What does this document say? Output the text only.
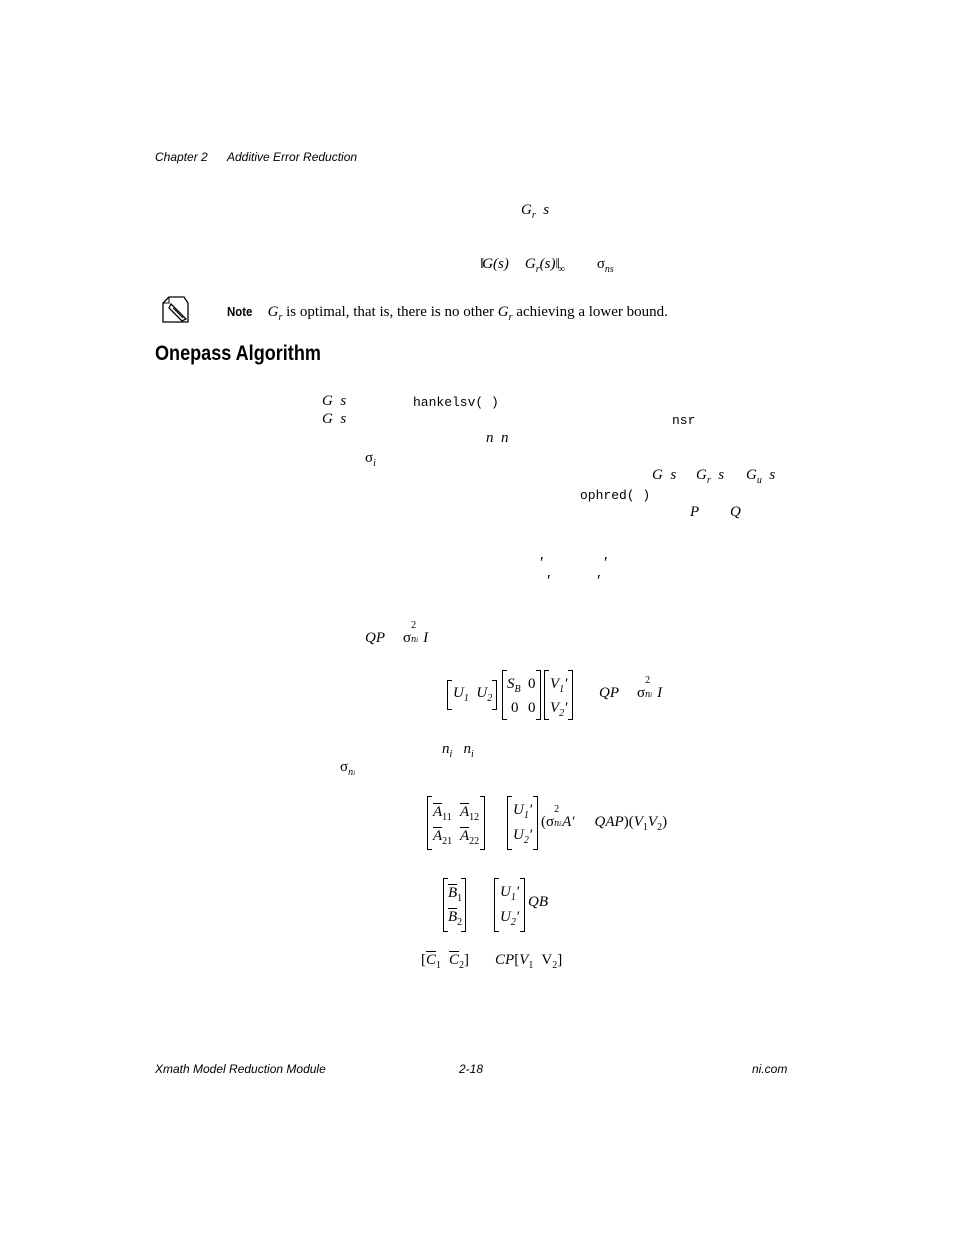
Chapter 2 Additive Error Reduction
$G_r$ s
‖G(s) $G_r(s)‖_\infty$ $\sigma_{ns}$
Note $G_r$ is optimal, that is, there is no other $G_r$ achieving a lower bound.
Onepass Algorithm
G s	hankelsv( )
G s	nsr
n n
$\sigma_i$
G s $G_r$ s $G_u$ s
ophred( )
P Q
′	′
′	′
QP σ
2
ni I
$U_1$ $U_2$
$S_B$ 0
0 0
$V_1'$
$V_2'$
QP σ
2
ni I
$n_i$ $n_i$
$\sigma_{ni}$
$A_{11}$ $A_{12}$
$A_{21}$ $A_{22}$
$U_1'$
$U_2'$
(σ
2
ni A′ $QAP)(V_1V_2)$
$B_1$
$B_2$
$U_1'$
$U_2'$
QB
[$\overline{C}_1$ $\overline{C}_2$] $CP[V_1$ $V_2$]
Xmath Model Reduction Module	2-18	ni.com
